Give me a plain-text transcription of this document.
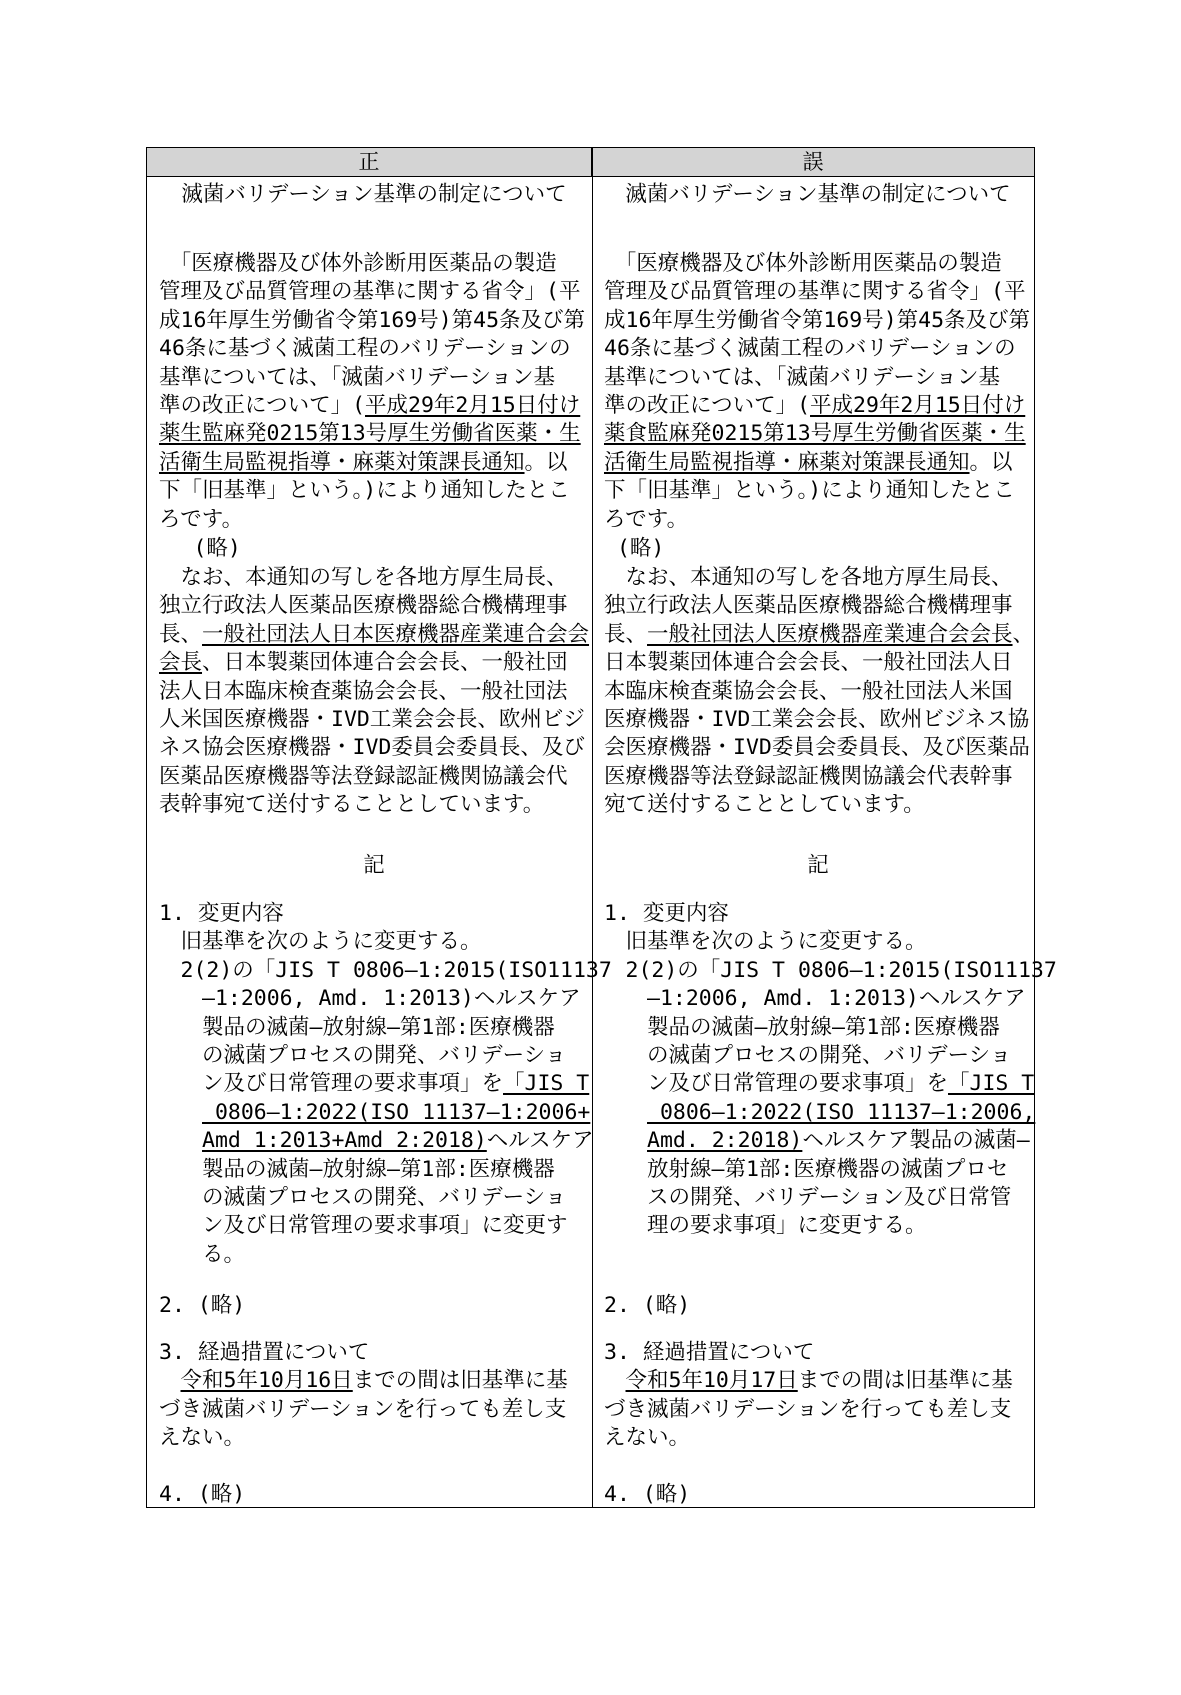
正	誤
滅菌バリデーション基準の制定について
　「医療機器及び体外診断用医薬品の製造
管理及び品質管理の基準に関する省令」(平
成16年厚生労働省令第169号)第45条及び第
46条に基づく滅菌工程のバリデーションの
基準については、「滅菌バリデーション基
準の改正について」(平成29年2月15日付け
薬生監麻発0215第13号厚生労働省医薬・生
活衛生局監視指導・麻薬対策課長通知。以
下「旧基準」という。)により通知したとこ
ろです。
　 (略)
　なお、本通知の写しを各地方厚生局長、
独立行政法人医薬品医療機器総合機構理事
長、一般社団法人日本医療機器産業連合会会
会長、日本製薬団体連合会会長、一般社団
法人日本臨床検査薬協会会長、一般社団法
人米国医療機器・IVD工業会会長、欧州ビジ
ネス協会医療機器・IVD委員会委員長、及び
医薬品医療機器等法登録認証機関協議会代
表幹事宛て送付することとしています。
記
1. 変更内容
　旧基準を次のように変更する。
　2(2)の「JIS T 0806—1:2015(ISO11137
　　—1:2006, Amd. 1:2013)ヘルスケア
　　製品の滅菌—放射線—第1部:医療機器
　　の滅菌プロセスの開発、バリデーショ
　　ン及び日常管理の要求事項」を「JIS T
　　 0806—1:2022(ISO 11137—1:2006+
　　Amd 1:2013+Amd 2:2018)ヘルスケア
　　製品の滅菌—放射線—第1部:医療機器
　　の滅菌プロセスの開発、バリデーショ
　　ン及び日常管理の要求事項」に変更す
　　る。
2. (略)
3. 経過措置について
　令和5年10月16日までの間は旧基準に基
づき滅菌バリデーションを行っても差し支
えない。
4. (略)
滅菌バリデーション基準の制定について
　「医療機器及び体外診断用医薬品の製造
管理及び品質管理の基準に関する省令」(平
成16年厚生労働省令第169号)第45条及び第
46条に基づく滅菌工程のバリデーションの
基準については、「滅菌バリデーション基
準の改正について」(平成29年2月15日付け
薬食監麻発0215第13号厚生労働省医薬・生
活衛生局監視指導・麻薬対策課長通知。以
下「旧基準」という。)により通知したとこ
ろです。
(略)
　なお、本通知の写しを各地方厚生局長、
独立行政法人医薬品医療機器総合機構理事
長、一般社団法人医療機器産業連合会会長、
日本製薬団体連合会会長、一般社団法人日
本臨床検査薬協会会長、一般社団法人米国
医療機器・IVD工業会会長、欧州ビジネス協
会医療機器・IVD委員会委員長、及び医薬品
医療機器等法登録認証機関協議会代表幹事
宛て送付することとしています。
記
1. 変更内容
　旧基準を次のように変更する。
　2(2)の「JIS T 0806—1:2015(ISO11137
　　—1:2006, Amd. 1:2013)ヘルスケア
　　製品の滅菌—放射線—第1部:医療機器
　　の滅菌プロセスの開発、バリデーショ
　　ン及び日常管理の要求事項」を「JIS T
　　 0806—1:2022(ISO 11137—1:2006,
　　Amd. 2:2018)ヘルスケア製品の滅菌—
　　放射線—第1部:医療機器の滅菌プロセ
　　スの開発、バリデーション及び日常管
　　理の要求事項」に変更する。
2. (略)
3. 経過措置について
　令和5年10月17日までの間は旧基準に基
づき滅菌バリデーションを行っても差し支
えない。
4. (略)
